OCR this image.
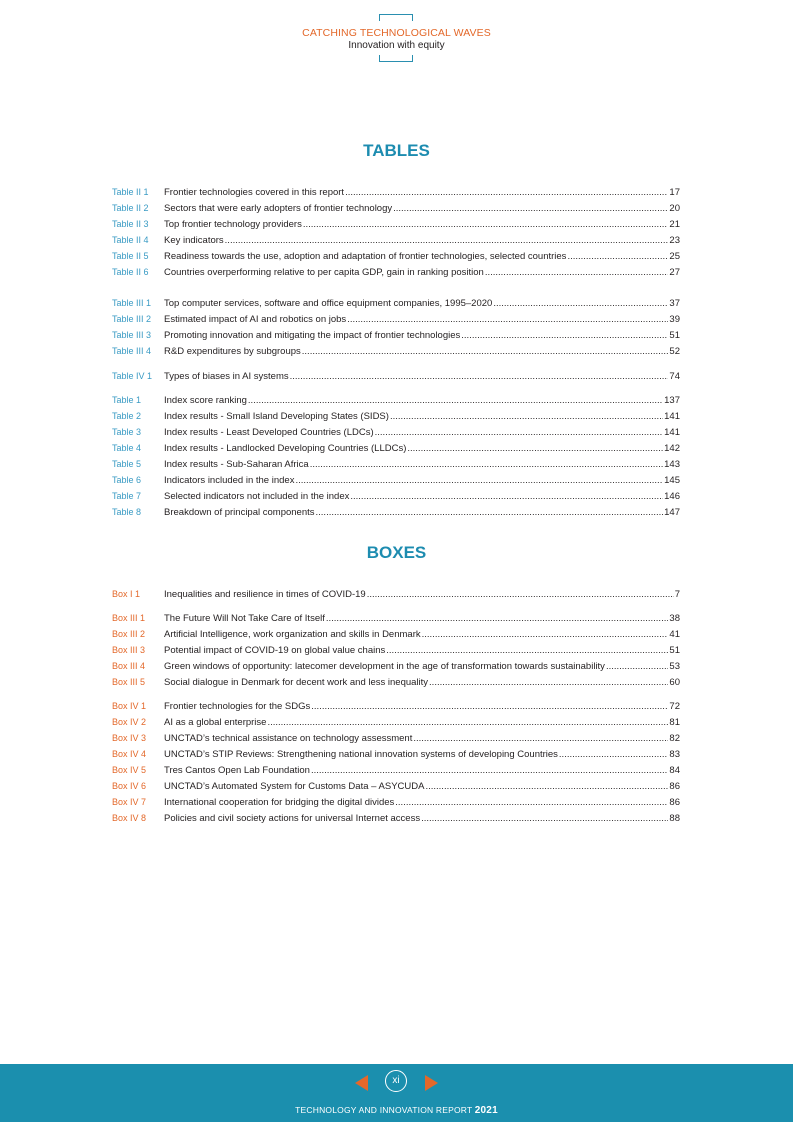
CATCHING TECHNOLOGICAL WAVES
Innovation with equity
TABLES
Table II 1	Frontier technologies covered in this report .....	17
Table II 2	Sectors that were early adopters of frontier technology .....	20
Table II 3	Top frontier technology providers .....	21
Table II 4	Key indicators .....	23
Table II 5	Readiness towards the use, adoption and adaptation of frontier technologies, selected countries .....	25
Table II 6	Countries overperforming relative to per capita GDP, gain in ranking position .....	27
Table III 1	Top computer services, software and office equipment companies, 1995–2020 .....	37
Table III 2	Estimated impact of AI and robotics on jobs .....	39
Table III 3	Promoting innovation and mitigating the impact of frontier technologies .....	51
Table III 4	R&D expenditures by subgroups .....	52
Table IV 1	Types of biases in AI systems .....	74
Table 1	Index score ranking .....	137
Table 2	Index results - Small Island Developing States (SIDS) .....	141
Table 3	Index results - Least Developed Countries (LDCs) .....	141
Table 4	Index results - Landlocked Developing Countries (LLDCs) .....	142
Table 5	Index results - Sub-Saharan Africa .....	143
Table 6	Indicators included in the index .....	145
Table 7	Selected indicators not included in the index .....	146
Table 8	Breakdown of principal components .....	147
BOXES
Box I 1	Inequalities and resilience in times of COVID-19 .....	7
Box III 1	The Future Will Not Take Care of Itself .....	38
Box III 2	Artificial Intelligence, work organization and skills in Denmark .....	41
Box III 3	Potential impact of COVID-19 on global value chains .....	51
Box III 4	Green windows of opportunity: latecomer development in the age of transformation towards sustainability .....	53
Box III 5	Social dialogue in Denmark for decent work and less inequality .....	60
Box IV 1	Frontier technologies for the SDGs .....	72
Box IV 2	AI as a global enterprise .....	81
Box IV 3	UNCTAD’s technical assistance on technology assessment .....	82
Box IV 4	UNCTAD’s STIP Reviews: Strengthening national innovation systems of developing Countries .....	83
Box IV 5	Tres Cantos Open Lab Foundation .....	84
Box IV 6	UNCTAD’s Automated System for Customs Data – ASYCUDA .....	86
Box IV 7	International cooperation for bridging the digital divides .....	86
Box IV 8	Policies and civil society actions for universal Internet access .....	88
xi
TECHNOLOGY AND INNOVATION REPORT 2021
